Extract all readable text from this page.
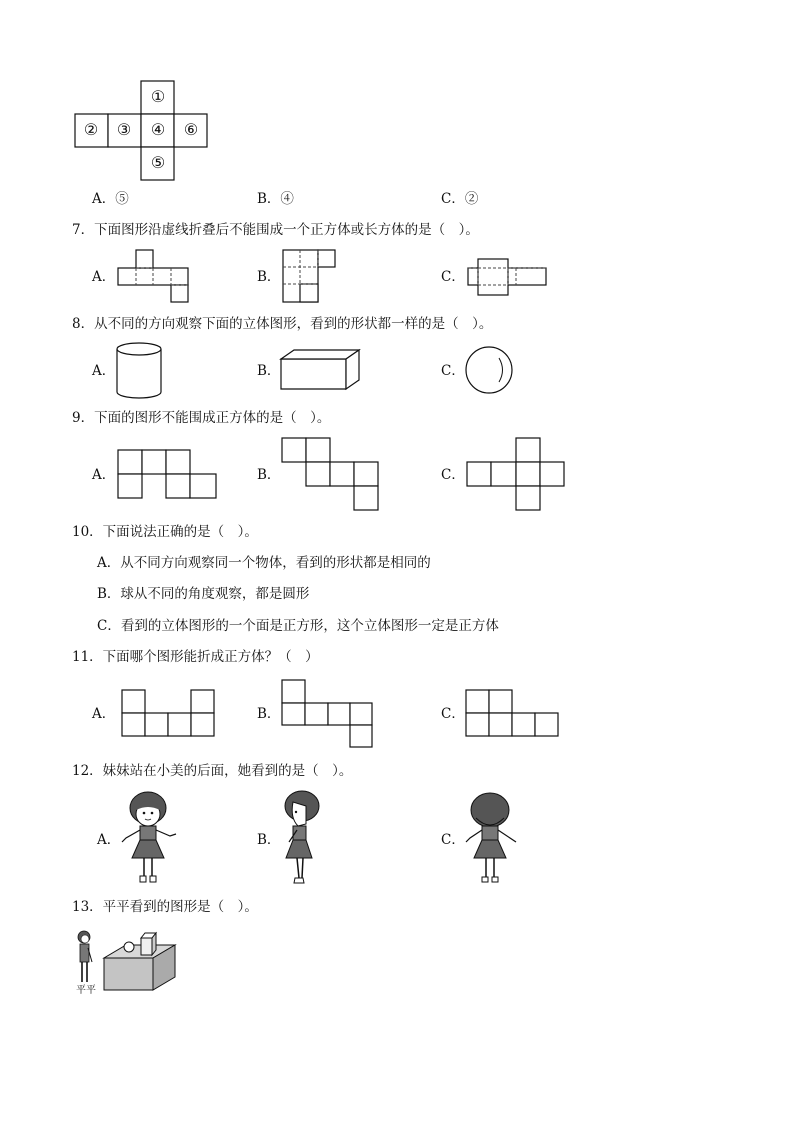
①
② ③ ④ ⑥
⑤
A．⑤	B．④	C．②
7．下面图形沿虚线折叠后不能围成一个正方体或长方体的是（　）。
A．	B．	C．
8．从不同的方向观察下面的立体图形，看到的形状都一样的是（　）。
A．	B．	C．
9．下面的图形不能围成正方体的是（　）。
A．	B．	C．
10．下面说法正确的是（　）。
A．从不同方向观察同一个物体，看到的形状都是相同的
B．球从不同的角度观察，都是圆形
C．看到的立体图形的一个面是正方形，这个立体图形一定是正方体
11．下面哪个图形能折成正方体？（　）
A．	B．	C．
12．妹妹站在小美的后面，她看到的是（　）。
A．	B．	C．
13．平平看到的图形是（　）。
平平
